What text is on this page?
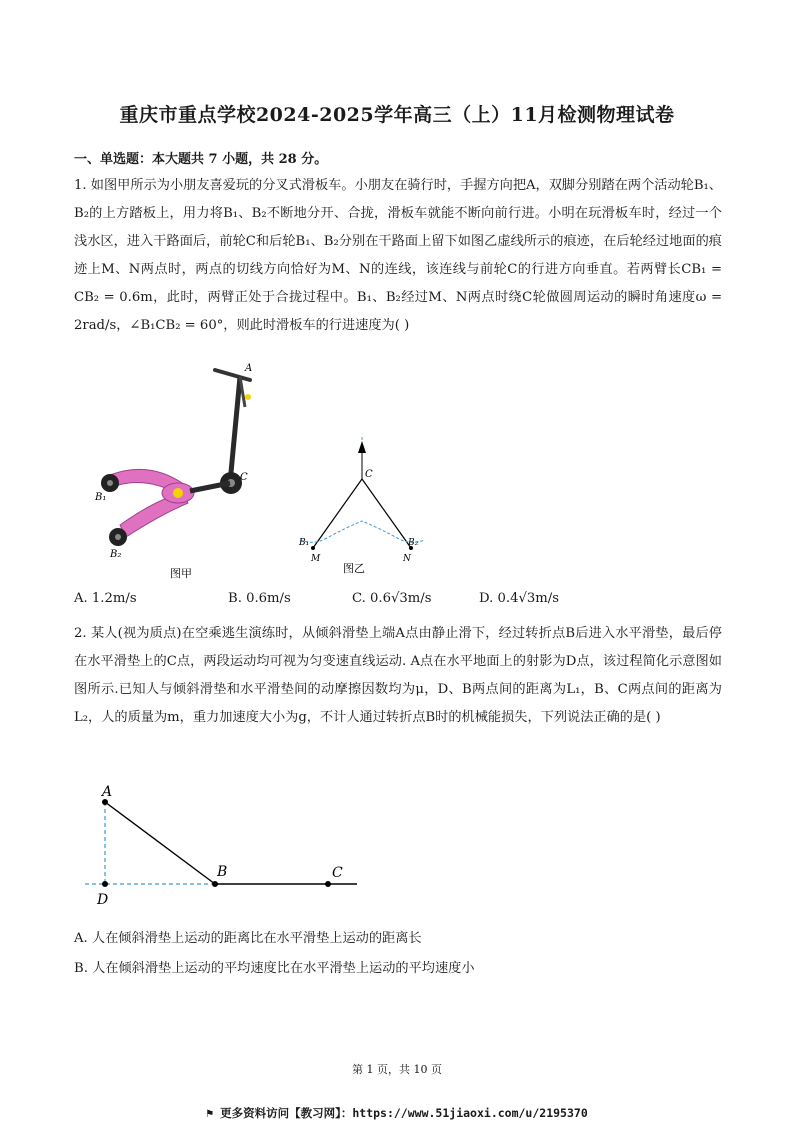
重庆市重点学校2024-2025学年高三（上）11月检测物理试卷
一、单选题：本大题共 7 小题，共 28 分。
1. 如图甲所示为小朋友喜爱玩的分叉式滑板车。小朋友在骑行时，手握方向把A，双脚分别踏在两个活动轮B₁、B₂的上方踏板上，用力将B₁、B₂不断地分开、合拢，滑板车就能不断向前行进。小明在玩滑板车时，经过一个浅水区，进入干路面后，前轮C和后轮B₁、B₂分别在干路面上留下如图乙虚线所示的痕迹，在后轮经过地面的痕迹上M、N两点时，两点的切线方向恰好为M、N的连线，该连线与前轮C的行进方向垂直。若两臂长CB₁ = CB₂ = 0.6m，此时，两臂正处于合拢过程中。B₁、B₂经过M、N两点时绕C轮做圆周运动的瞬时角速度ω = 2rad/s，∠B₁CB₂ = 60°，则此时滑板车的行进速度为( )
A
C
B₁
B₂
图甲
C
B₁	B₂
M	N
图乙
A. 1.2m/s	B. 0.6m/s	C. 0.6√3m/s	D. 0.4√3m/s
2. 某人(视为质点)在空乘逃生演练时，从倾斜滑垫上端A点由静止滑下，经过转折点B后进入水平滑垫，最后停在水平滑垫上的C点，两段运动均可视为匀变速直线运动. A点在水平地面上的射影为D点，该过程简化示意图如图所示.已知人与倾斜滑垫和水平滑垫间的动摩擦因数均为μ，D、B两点间的距离为L₁，B、C两点间的距离为L₂，人的质量为m，重力加速度大小为g，不计人通过转折点B时的机械能损失，下列说法正确的是( )
A
B	C
D
A. 人在倾斜滑垫上运动的距离比在水平滑垫上运动的距离长
B. 人在倾斜滑垫上运动的平均速度比在水平滑垫上运动的平均速度小
第 1 页，共 10 页
⚑ 更多资料访问【教习网】：https://www.51jiaoxi.com/u/2195370
